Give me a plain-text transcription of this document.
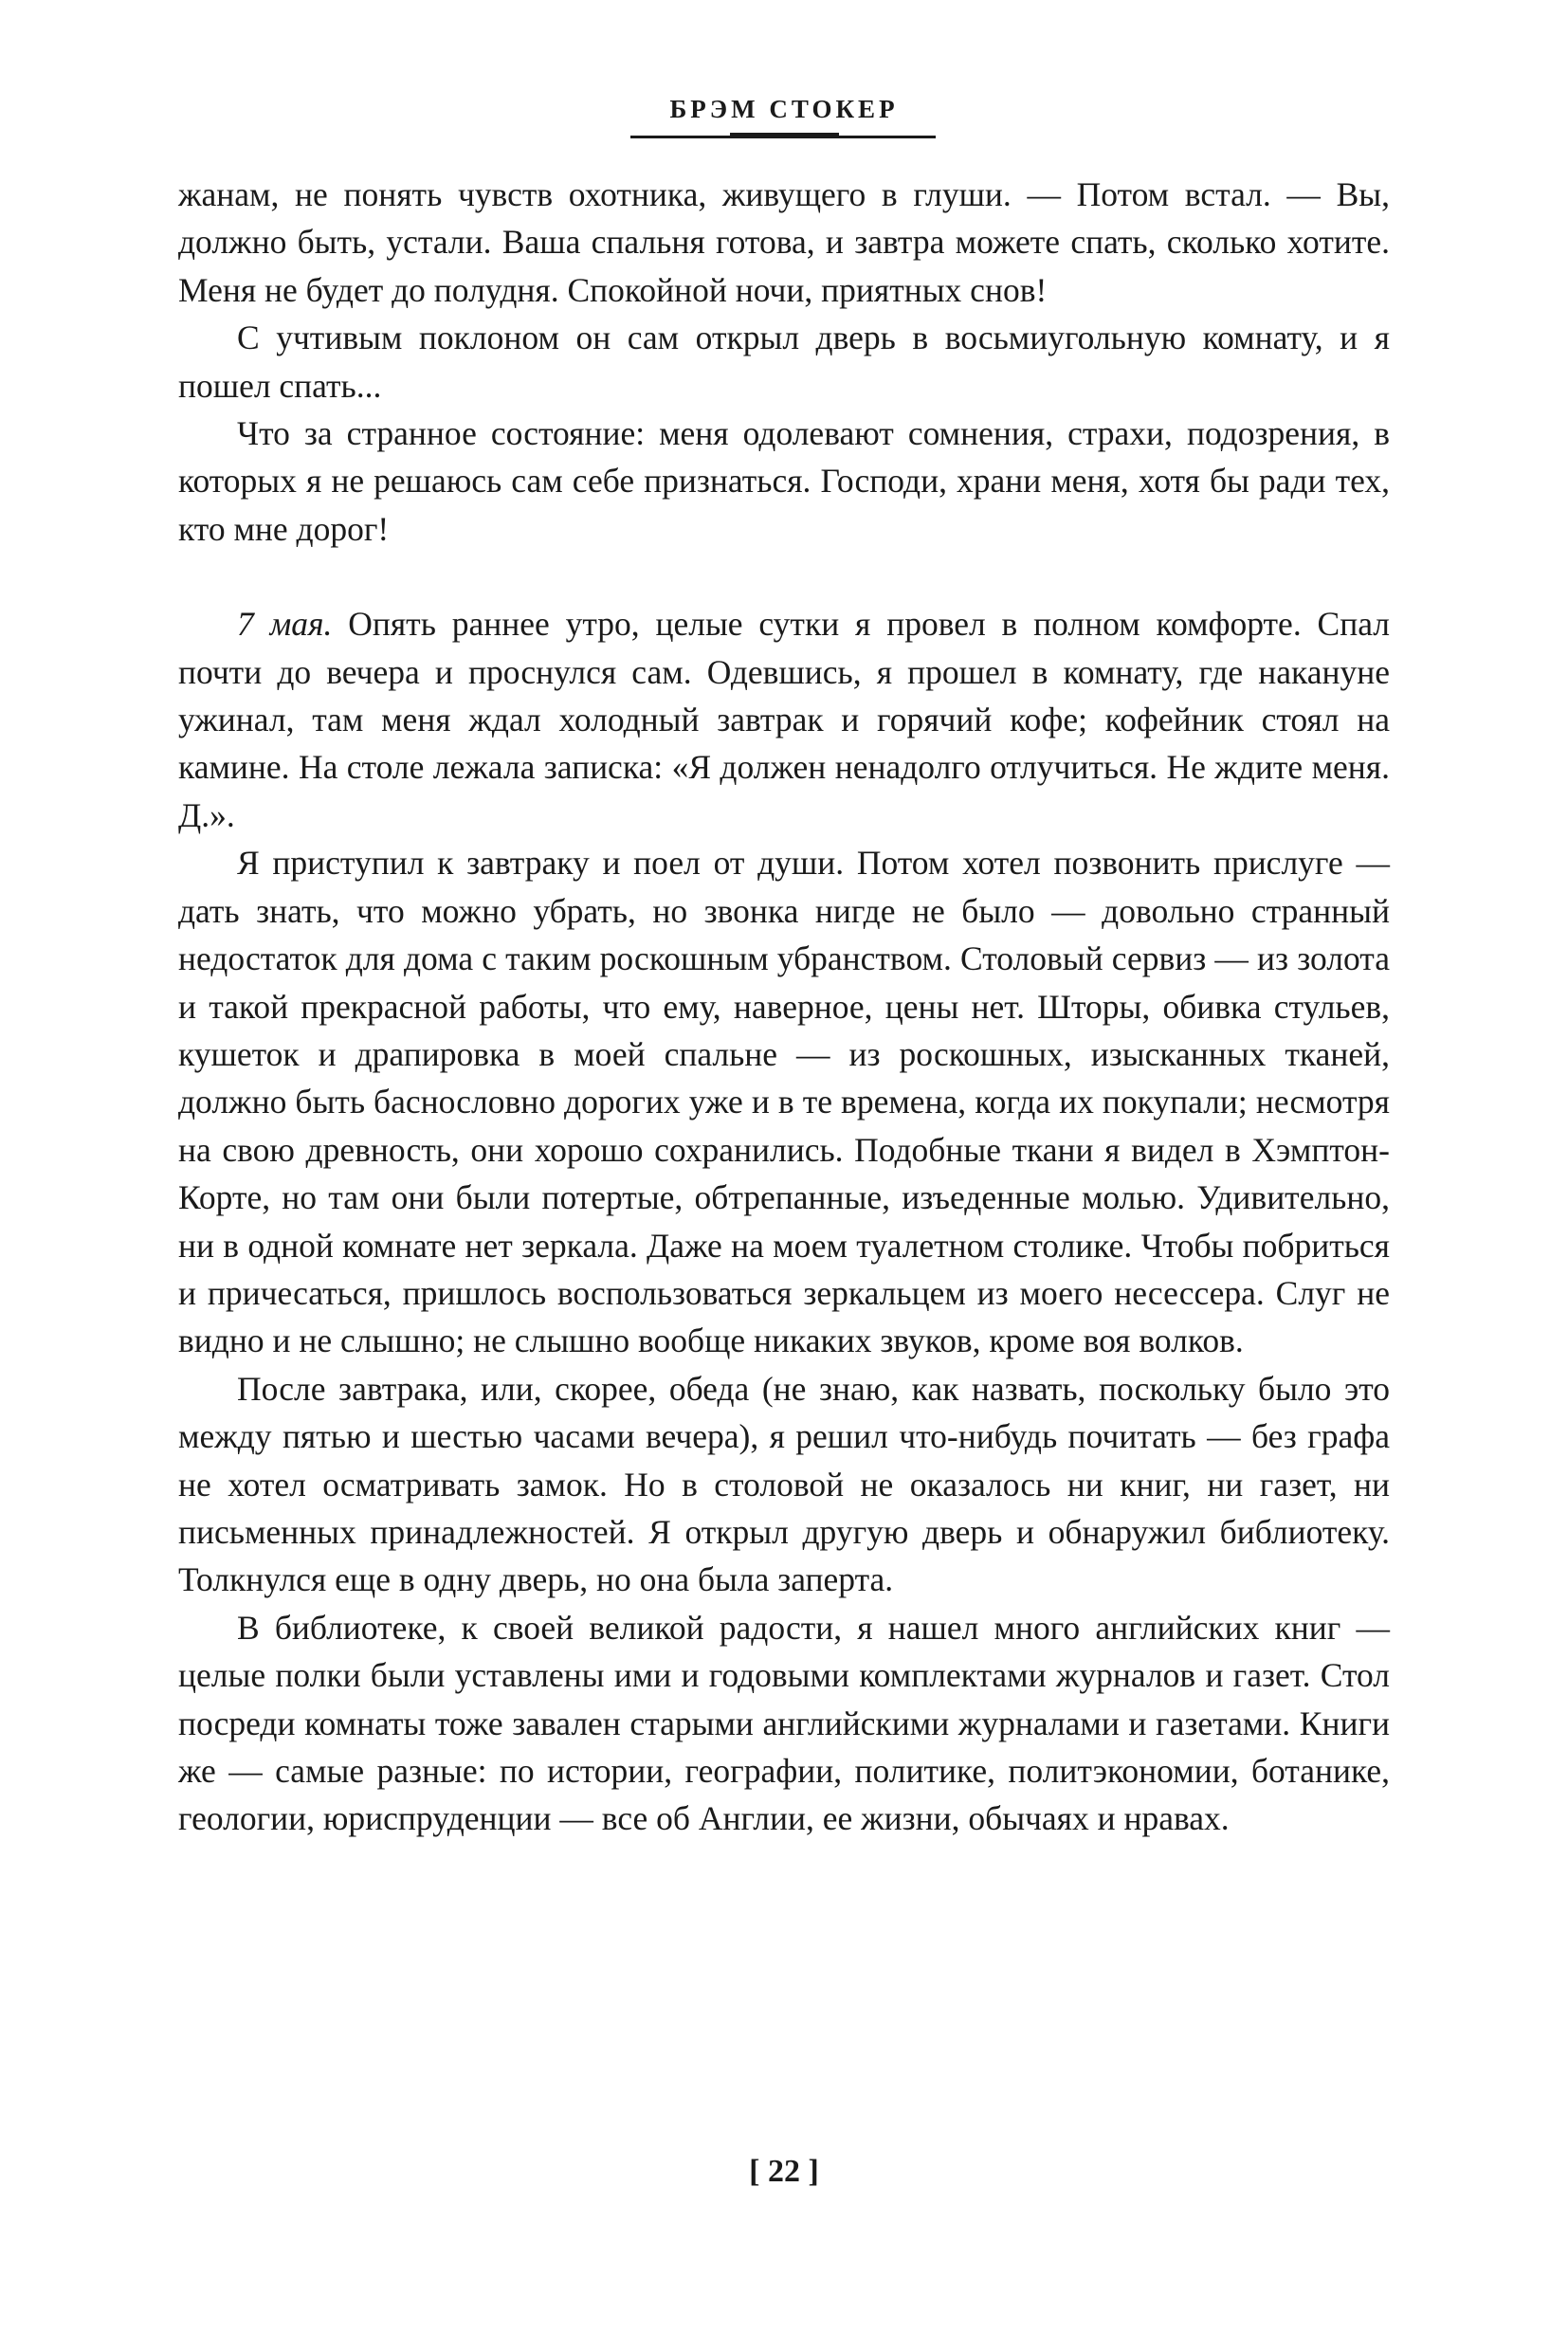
БРЭМ СТОКЕР

жанам, не понять чувств охотника, живущего в глуши. — Потом встал. — Вы, должно быть, устали. Ваша спальня готова, и завтра можете спать, сколько хотите. Меня не будет до полудня. Спокойной ночи, приятных снов!

С учтивым поклоном он сам открыл дверь в восьмиугольную комнату, и я пошел спать...

Что за странное состояние: меня одолевают сомнения, страхи, подозрения, в которых я не решаюсь сам себе признаться. Господи, храни меня, хотя бы ради тех, кто мне дорог!

7 мая. Опять раннее утро, целые сутки я провел в полном комфорте. Спал почти до вечера и проснулся сам. Одевшись, я прошел в комнату, где накануне ужинал, там меня ждал холодный завтрак и горячий кофе; кофейник стоял на камине. На столе лежала записка: «Я должен ненадолго отлучиться. Не ждите меня. Д.».

Я приступил к завтраку и поел от души. Потом хотел позвонить прислуге — дать знать, что можно убрать, но звонка нигде не было — довольно странный недостаток для дома с таким роскошным убранством. Столовый сервиз — из золота и такой прекрасной работы, что ему, наверное, цены нет. Шторы, обивка стульев, кушеток и драпировка в моей спальне — из роскошных, изысканных тканей, должно быть баснословно дорогих уже и в те времена, когда их покупали; несмотря на свою древность, они хорошо сохранились. Подобные ткани я видел в Хэмптон-Корте, но там они были потертые, обтрепанные, изъеденные молью. Удивительно, ни в одной комнате нет зеркала. Даже на моем туалетном столике. Чтобы побриться и причесаться, пришлось воспользоваться зеркальцем из моего несессера. Слуг не видно и не слышно; не слышно вообще никаких звуков, кроме воя волков.

После завтрака, или, скорее, обеда (не знаю, как назвать, поскольку было это между пятью и шестью часами вечера), я решил что-нибудь почитать — без графа не хотел осматривать замок. Но в столовой не оказалось ни книг, ни газет, ни письменных принадлежностей. Я открыл другую дверь и обнаружил библиотеку. Толкнулся еще в одну дверь, но она была заперта.

В библиотеке, к своей великой радости, я нашел много английских книг — целые полки были уставлены ими и годовыми комплектами журналов и газет. Стол посреди комнаты тоже завален старыми английскими журналами и газетами. Книги же — самые разные: по истории, географии, политике, политэкономии, ботанике, геологии, юриспруденции — все об Англии, ее жизни, обычаях и нравах.

[ 22 ]
